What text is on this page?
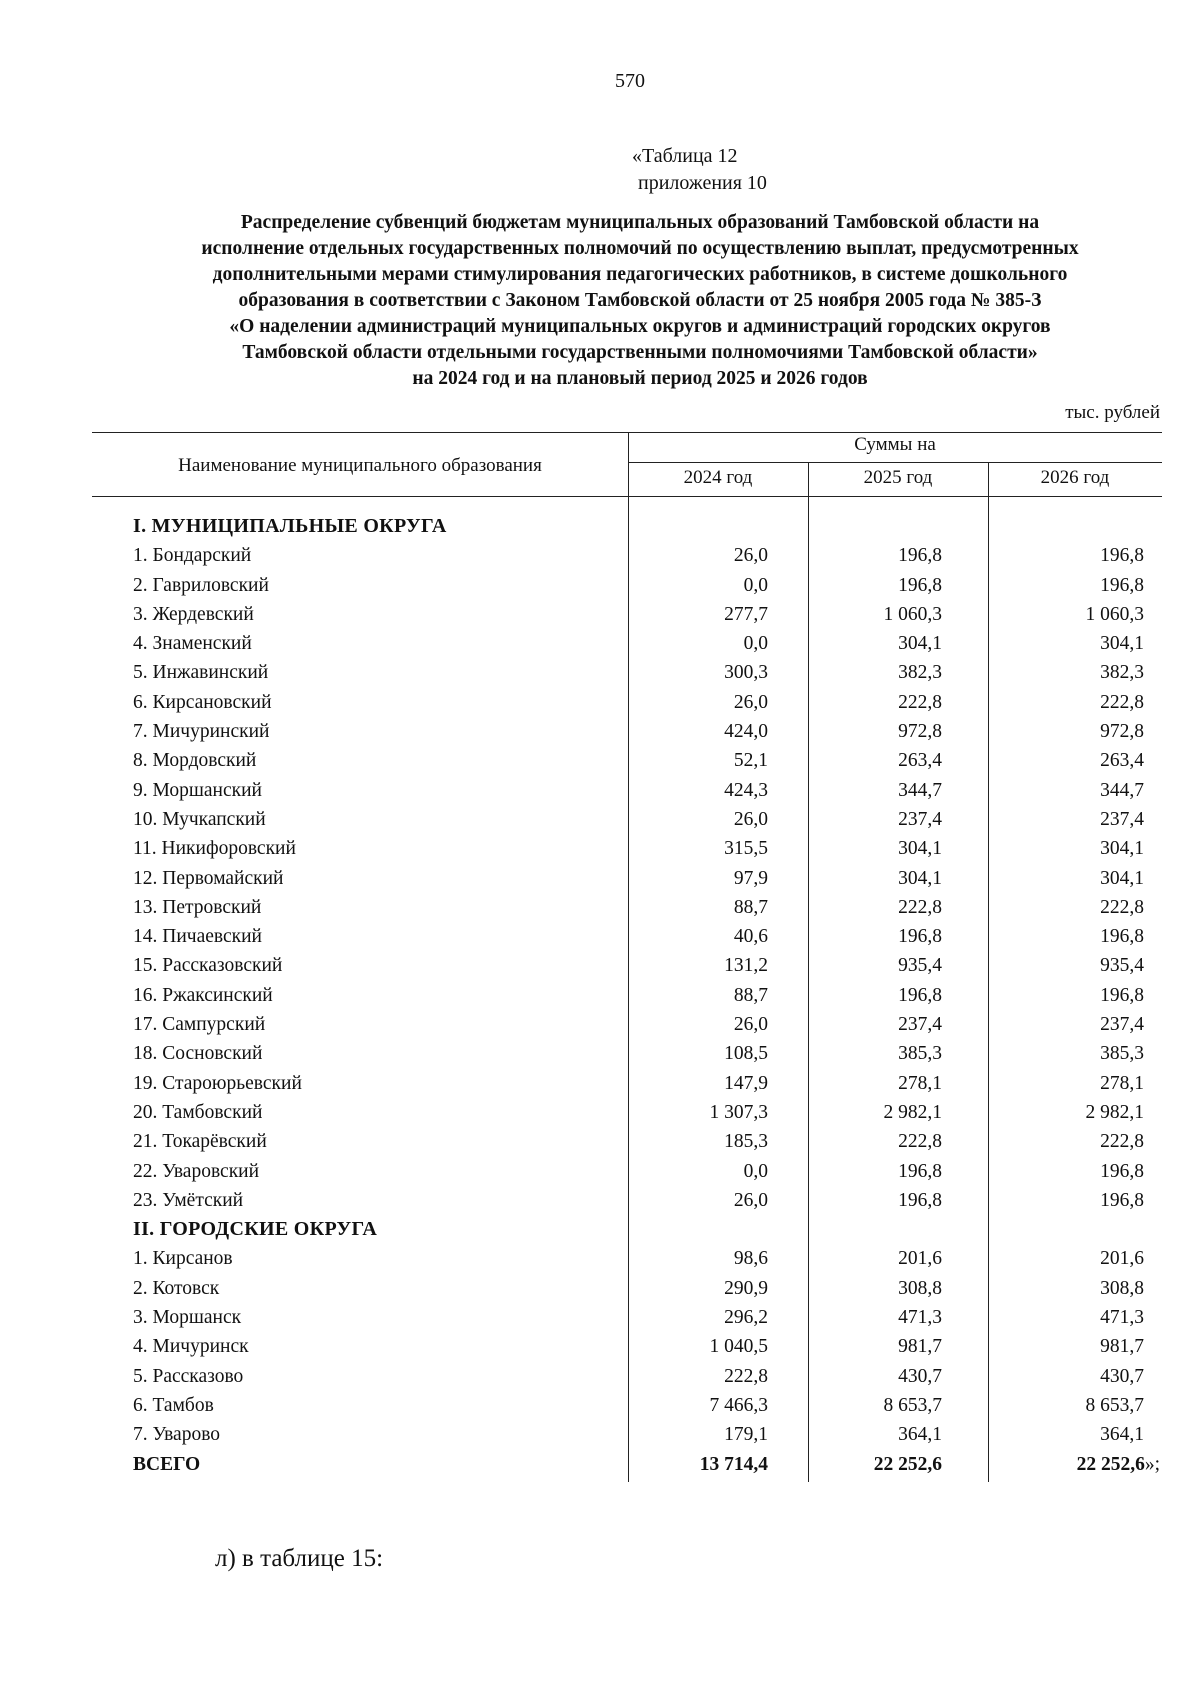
570
«Таблица 12
приложения 10
Распределение субвенций бюджетам муниципальных образований Тамбовской области на
исполнение отдельных государственных полномочий по осуществлению выплат, предусмотренных
дополнительными мерами стимулирования педагогических работников, в системе дошкольного
образования в соответствии с Законом Тамбовской области от 25 ноября 2005 года № 385-З
«О наделении администраций муниципальных округов и администраций городских округов
Тамбовской области отдельными государственными полномочиями Тамбовской области»
на 2024 год и на плановый период 2025 и 2026 годов
тыс. рублей
Наименование муниципального образования
Суммы на
2024 год	2025 год	2026 год
I. МУНИЦИПАЛЬНЫЕ ОКРУГА
1. Бондарский	26,0	196,8	196,8
2. Гавриловский	0,0	196,8	196,8
3. Жердевский	277,7	1 060,3	1 060,3
4. Знаменский	0,0	304,1	304,1
5. Инжавинский	300,3	382,3	382,3
6. Кирсановский	26,0	222,8	222,8
7. Мичуринский	424,0	972,8	972,8
8. Мордовский	52,1	263,4	263,4
9. Моршанский	424,3	344,7	344,7
10. Мучкапский	26,0	237,4	237,4
11. Никифоровский	315,5	304,1	304,1
12. Первомайский	97,9	304,1	304,1
13. Петровский	88,7	222,8	222,8
14. Пичаевский	40,6	196,8	196,8
15. Рассказовский	131,2	935,4	935,4
16. Ржаксинский	88,7	196,8	196,8
17. Сампурский	26,0	237,4	237,4
18. Сосновский	108,5	385,3	385,3
19. Староюрьевский	147,9	278,1	278,1
20. Тамбовский	1 307,3	2 982,1	2 982,1
21. Токарёвский	185,3	222,8	222,8
22. Уваровский	0,0	196,8	196,8
23. Умётский	26,0	196,8	196,8
II. ГОРОДСКИЕ ОКРУГА
1. Кирсанов	98,6	201,6	201,6
2. Котовск	290,9	308,8	308,8
3. Моршанск	296,2	471,3	471,3
4. Мичуринск	1 040,5	981,7	981,7
5. Рассказово	222,8	430,7	430,7
6. Тамбов	7 466,3	8 653,7	8 653,7
7. Уварово	179,1	364,1	364,1
ВСЕГО	13 714,4	22 252,6	22 252,6»;
л) в таблице 15:
